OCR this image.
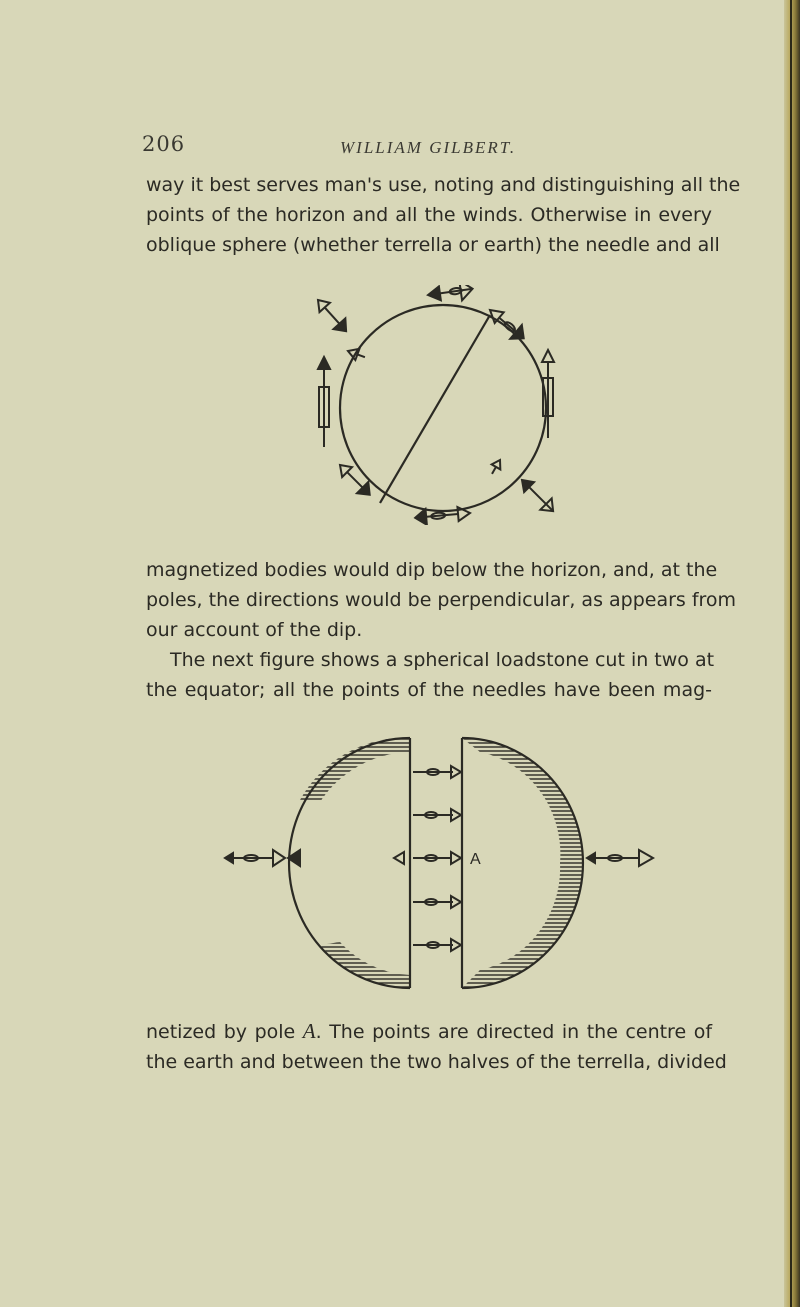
206	WILLIAM GILBERT.

way it best serves man's use, noting and distinguishing all the
points of the horizon and all the winds. Otherwise in every
oblique sphere (whether terrella or earth) the needle and all

magnetized bodies would dip below the horizon, and, at the
poles, the directions would be perpendicular, as appears from
our account of the dip.

The next figure shows a spherical loadstone cut in two at
the equator; all the points of the needles have been mag-

A

netized by pole A. The points are directed in the centre of
the earth and between the two halves of the terrella, divided
